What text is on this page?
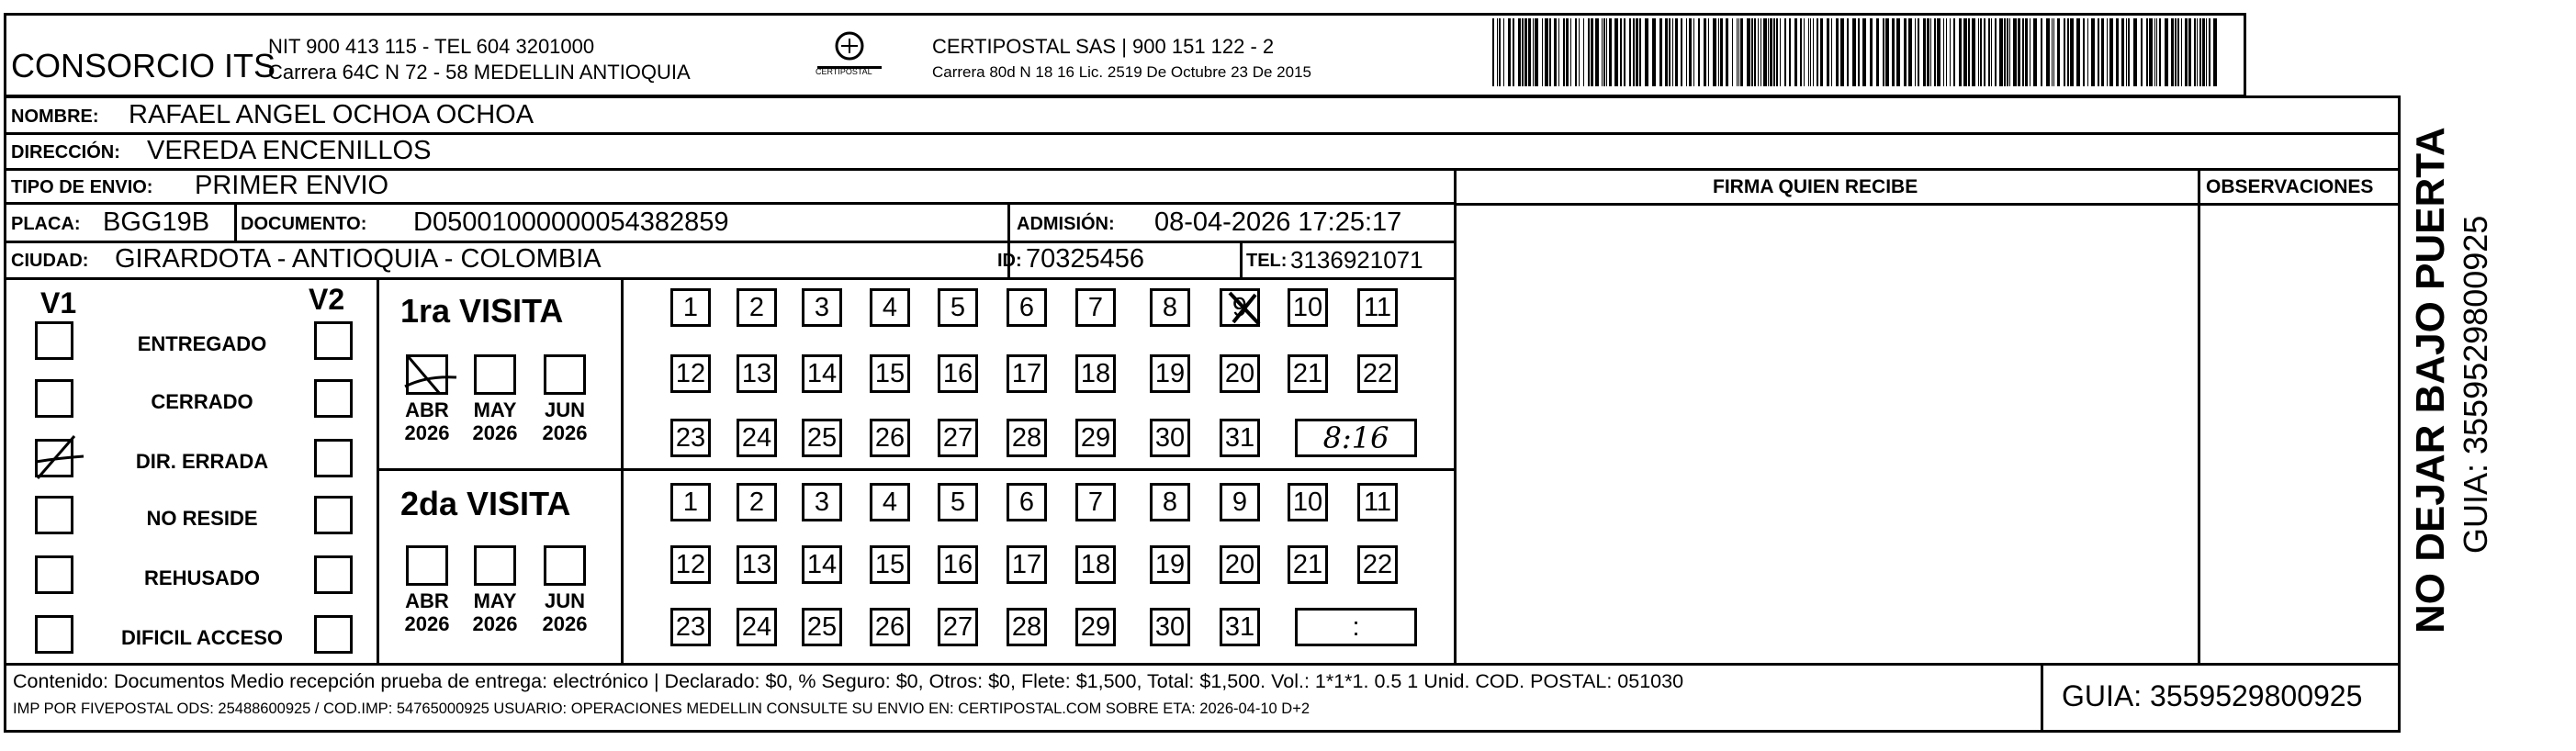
CONSORCIO ITS
NIT 900 413 115 - TEL 604 3201000
Carrera 64C N 72 - 58 MEDELLIN ANTIOQUIA	CERTIPOSTAL
CERTIPOSTAL SAS | 900 151 122 - 2
Carrera 80d N 18 16 Lic. 2519 De Octubre 23 De 2015
NOMBRE: RAFAEL ANGEL OCHOA OCHOA
DIRECCIÓN: VEREDA ENCENILLOS
TIPO DE ENVIO: PRIMER ENVIO
PLACA: BGG19B DOCUMENTO: D05001000000054382859	ADMISIÓN: 08-04-2026 17:25:17
CIUDAD: GIRARDOTA - ANTIOQUIA - COLOMBIA	ID: 70325456	TEL: 3136921071
FIRMA QUIEN RECIBE	OBSERVACIONES
V1	V2
ENTREGADO
CERRADO
DIR. ERRADA
NO RESIDE
REHUSADO
DIFICIL ACCESO
1ra VISITA
ABR
2026
MAY
2026
JUN
2026
1 2 3 4 5 6 7 8 9 10 11
12 13 14 15 16 17 18 19 20 21 22
23 24 25 26 27 28 29 30 31 8:16
2da VISITA
ABR
2026
MAY
2026
JUN
2026
1 2 3 4 5 6 7 8 9 10 11
12 13 14 15 16 17 18 19 20 21 22
23 24 25 26 27 28 29 30 31	:
Contenido: Documentos Medio recepción prueba de entrega: electrónico | Declarado: $0, % Seguro: $0, Otros: $0, Flete: $1,500, Total: $1,500. Vol.: 1*1*1. 0.5 1 Unid. COD. POSTAL: 051030
IMP POR FIVEPOSTAL ODS: 25488600925 / COD.IMP: 54765000925 USUARIO: OPERACIONES MEDELLIN CONSULTE SU ENVIO EN: CERTIPOSTAL.COM SOBRE ETA: 2026-04-10 D+2	GUIA: 3559529800925
NO DEJAR BAJO PUERTA GUIA: 3559529800925
